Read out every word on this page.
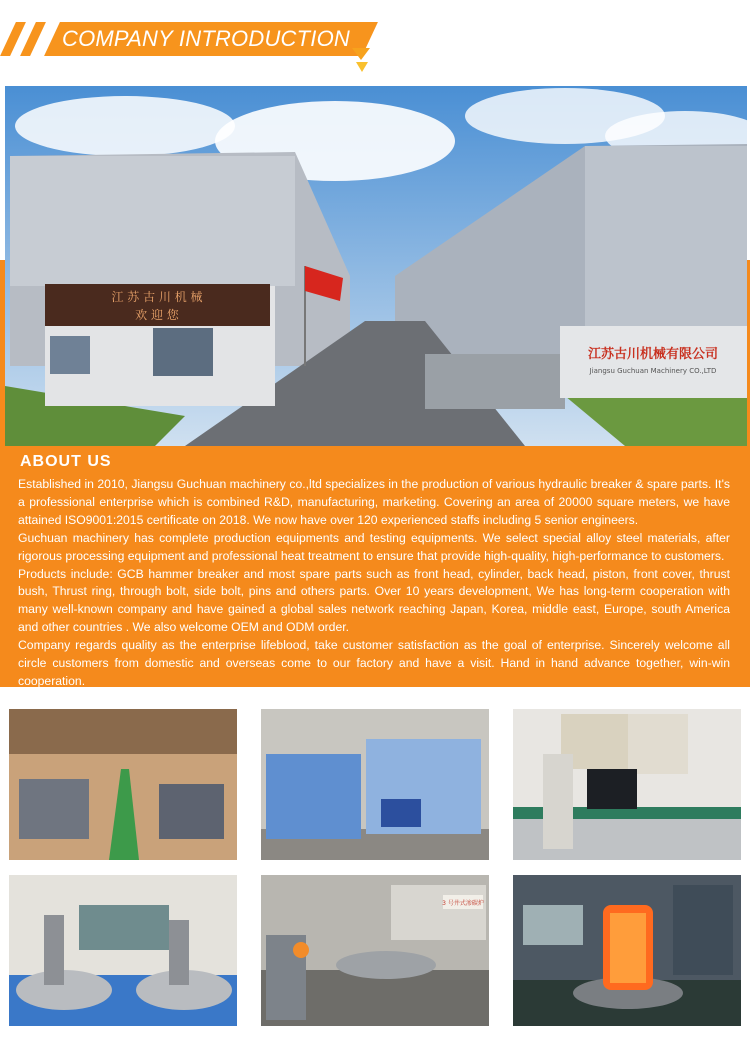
COMPANY INTRODUCTION
江 苏 古 川 机 械
欢 迎 您
江苏古川机械有限公司
Jiangsu Guchuan Machinery CO.,LTD
ABOUT US

Established in 2010, Jiangsu Guchuan machinery co.,ltd specializes in the production of various hydraulic breaker & spare parts. It's a professional enterprise which is combined R&D, manufacturing, marketing. Covering an area of 20000 square meters, we have attained ISO9001:2015 certificate on 2018. We now have over 120 experienced staffs including 5 senior engineers.

Guchuan machinery has complete production equipments and testing equipments. We select special alloy steel materials, after rigorous processing equipment and professional heat treatment to ensure that provide high-quality, high-performance to customers.

Products include: GCB hammer breaker and most spare parts such as front head, cylinder, back head, piston, front cover, thrust bush, Thrust ring, through bolt, side bolt, pins and others parts. Over 10 years development, We has long-term cooperation with many well-known company and have gained a global sales network reaching Japan, Korea, middle east, Europe, south America and other countries . We also welcome OEM and ODM order.

Company regards quality as the enterprise lifeblood, take customer satisfaction as the goal of enterprise. Sincerely welcome all circle customers from domestic and overseas come to our factory and have a visit. Hand in hand advance together, win-win cooperation.

3 号井式渗碳炉
